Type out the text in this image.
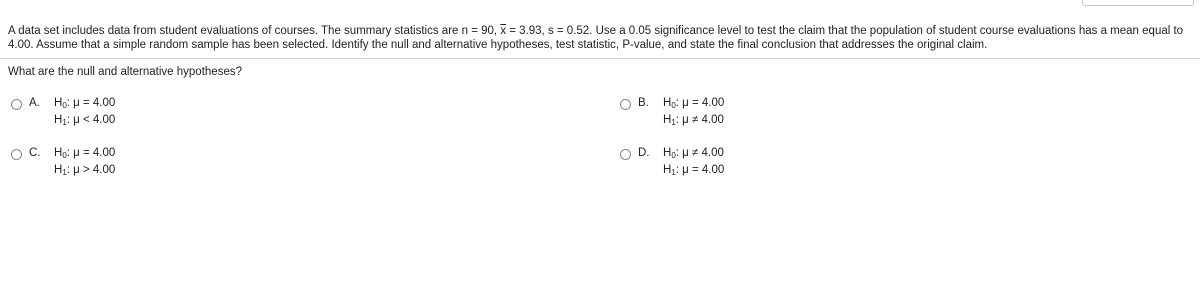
A data set includes data from student evaluations of courses. The summary statistics are n = 90, $\overline{x} = 3.93$, s = 0.52. Use a 0.05 significance level to test the claim that the population of student course evaluations has a mean equal to 4.00. Assume that a simple random sample has been selected. Identify the null and alternative hypotheses, test statistic, P-value, and state the final conclusion that addresses the original claim.
What are the null and alternative hypotheses?
A.	$H_0$: μ = 4.00
$H_1$: μ < 4.00
B.	$H_0$: μ = 4.00
$H_1$: μ ≠ 4.00
C.	$H_0$: μ = 4.00
$H_1$: μ > 4.00
D.	$H_0$: μ ≠ 4.00
$H_1$: μ = 4.00
